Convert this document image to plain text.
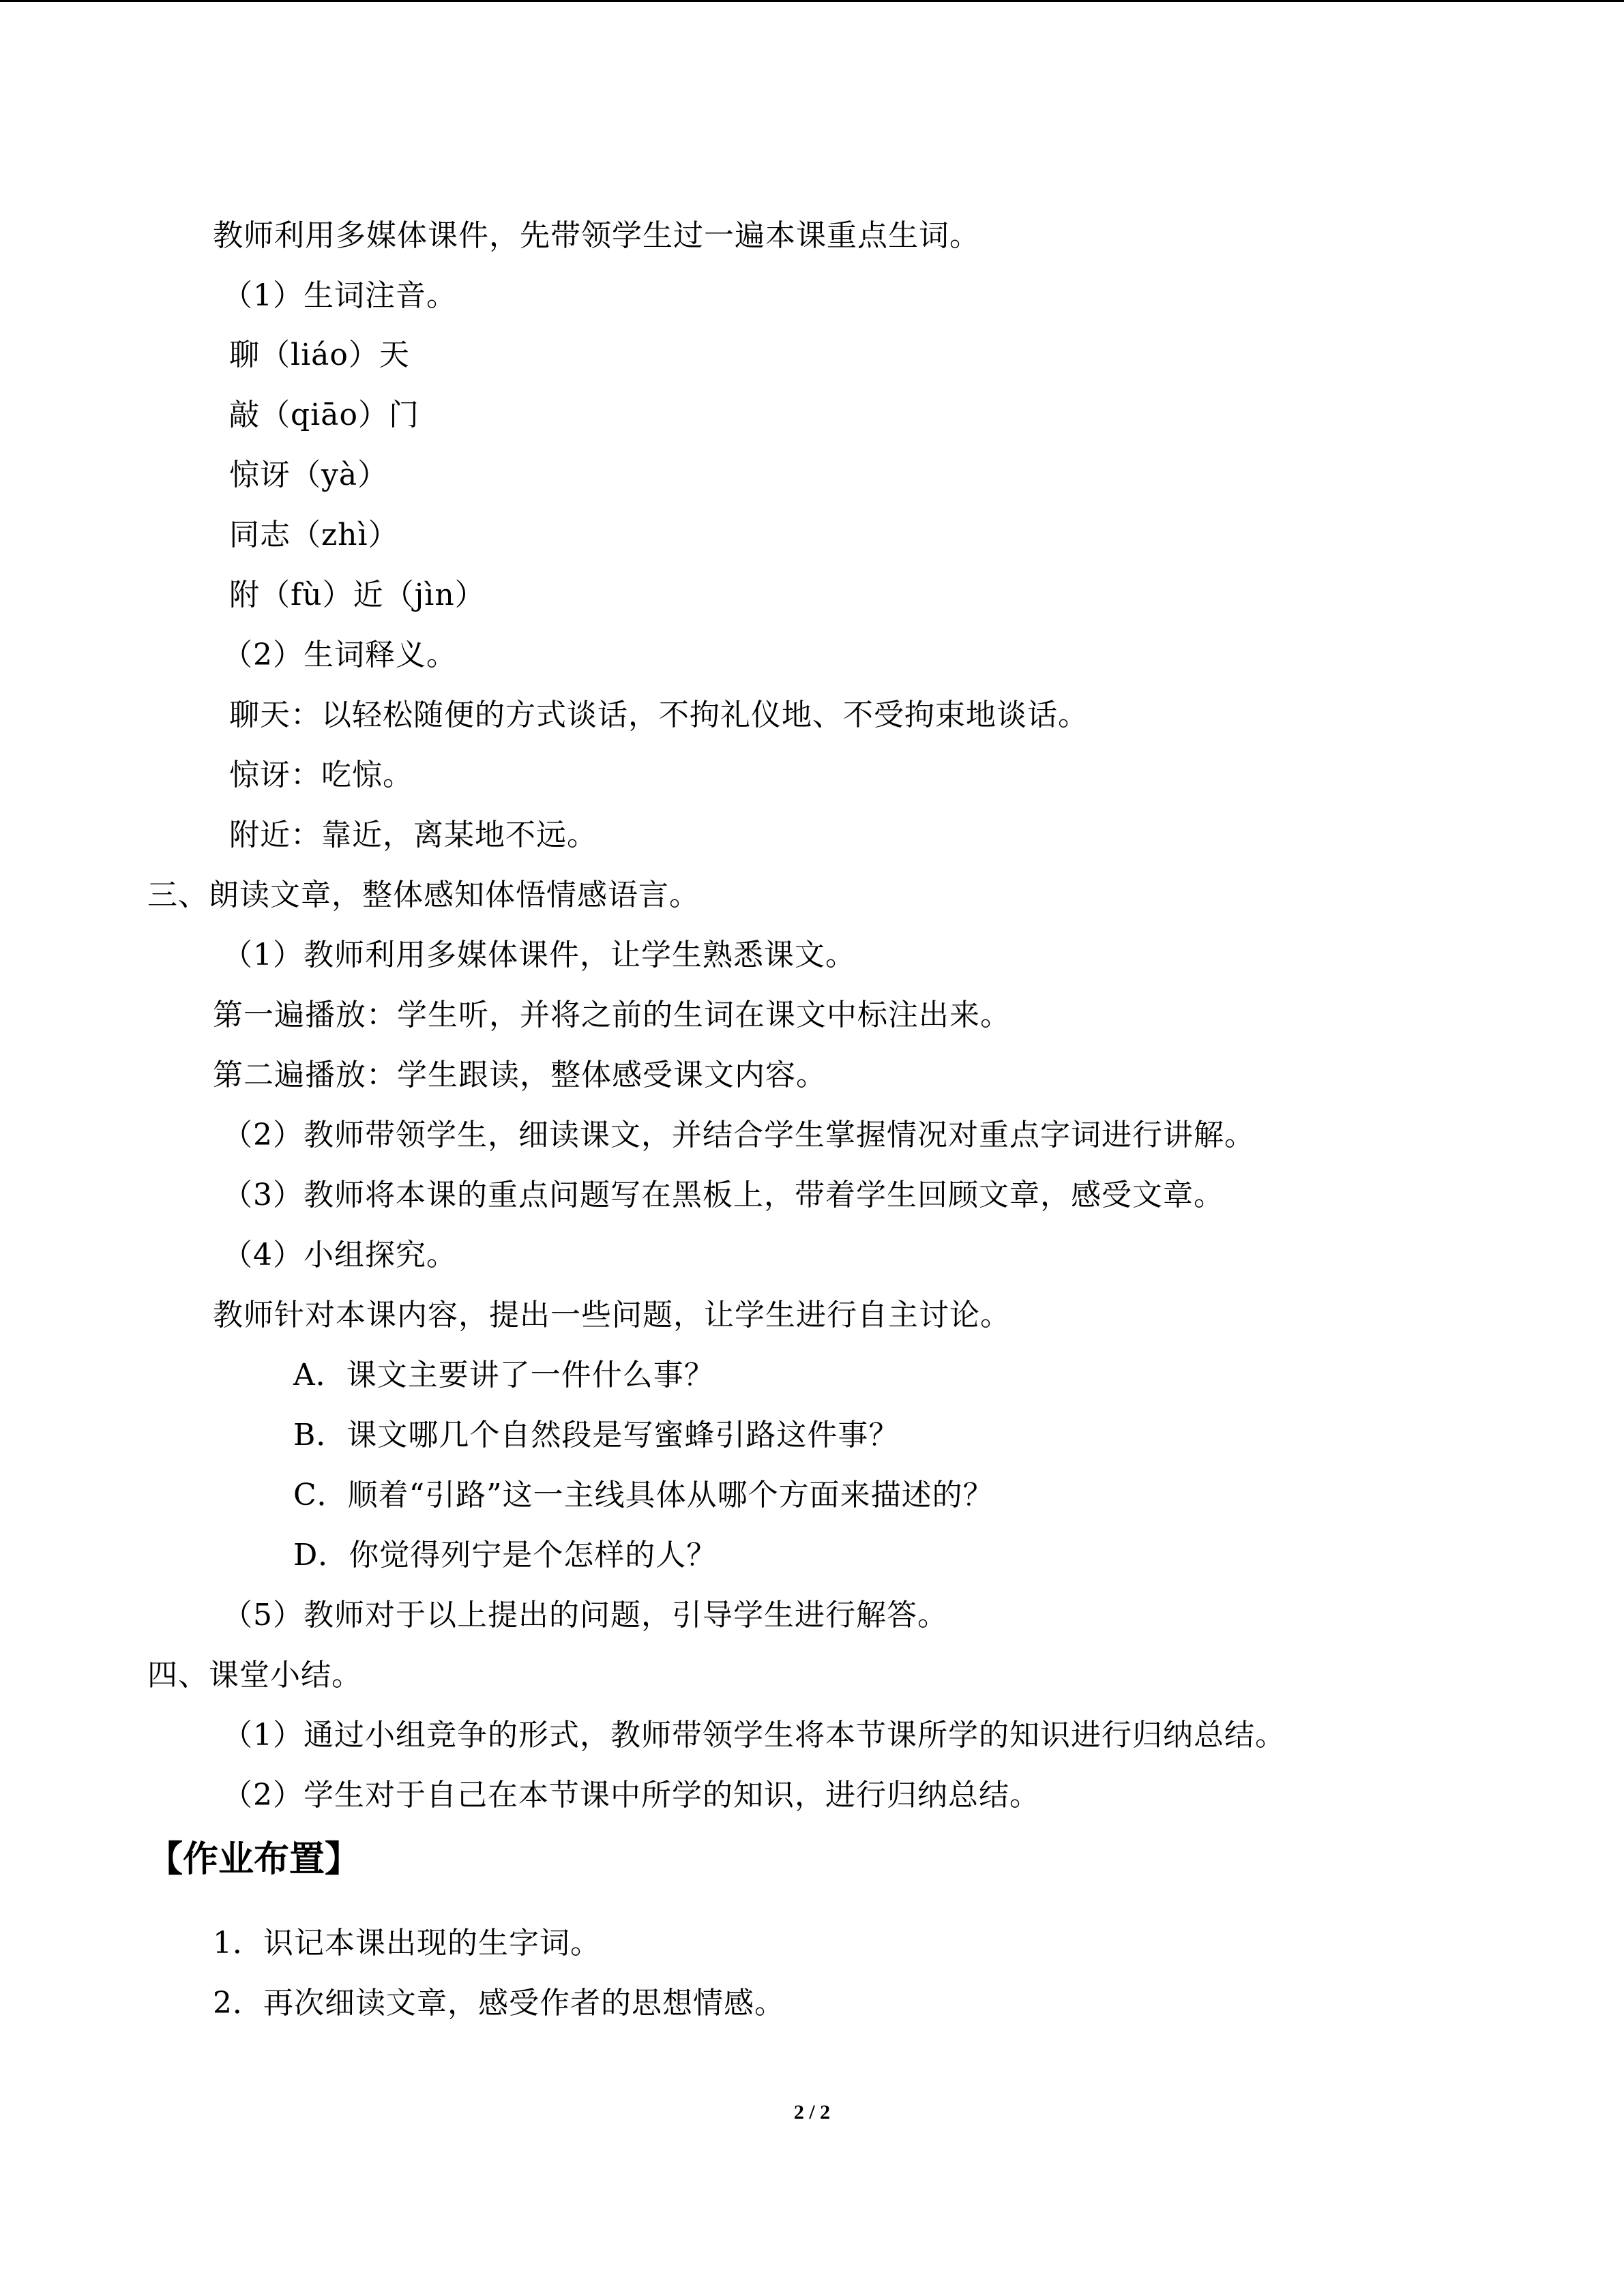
教师利用多媒体课件，先带领学生过一遍本课重点生词。
（1）生词注音。
聊（liáo）天
敲（qiāo）门
惊讶（yà）
同志（zhì）
附（fù）近（jìn）
（2）生词释义。
聊天：以轻松随便的方式谈话，不拘礼仪地、不受拘束地谈话。
惊讶：吃惊。
附近：靠近，离某地不远。
三、朗读文章，整体感知体悟情感语言。
（1）教师利用多媒体课件，让学生熟悉课文。
第一遍播放：学生听，并将之前的生词在课文中标注出来。
第二遍播放：学生跟读，整体感受课文内容。
（2）教师带领学生，细读课文，并结合学生掌握情况对重点字词进行讲解。
（3）教师将本课的重点问题写在黑板上，带着学生回顾文章，感受文章。
（4）小组探究。
教师针对本课内容，提出一些问题，让学生进行自主讨论。
A．课文主要讲了一件什么事？
B．课文哪几个自然段是写蜜蜂引路这件事？
C．顺着“引路”这一主线具体从哪个方面来描述的？
D．你觉得列宁是个怎样的人？
（5）教师对于以上提出的问题，引导学生进行解答。
四、课堂小结。
（1）通过小组竞争的形式，教师带领学生将本节课所学的知识进行归纳总结。
（2）学生对于自己在本节课中所学的知识，进行归纳总结。
【作业布置】
1．识记本课出现的生字词。
2．再次细读文章，感受作者的思想情感。
2 / 2
